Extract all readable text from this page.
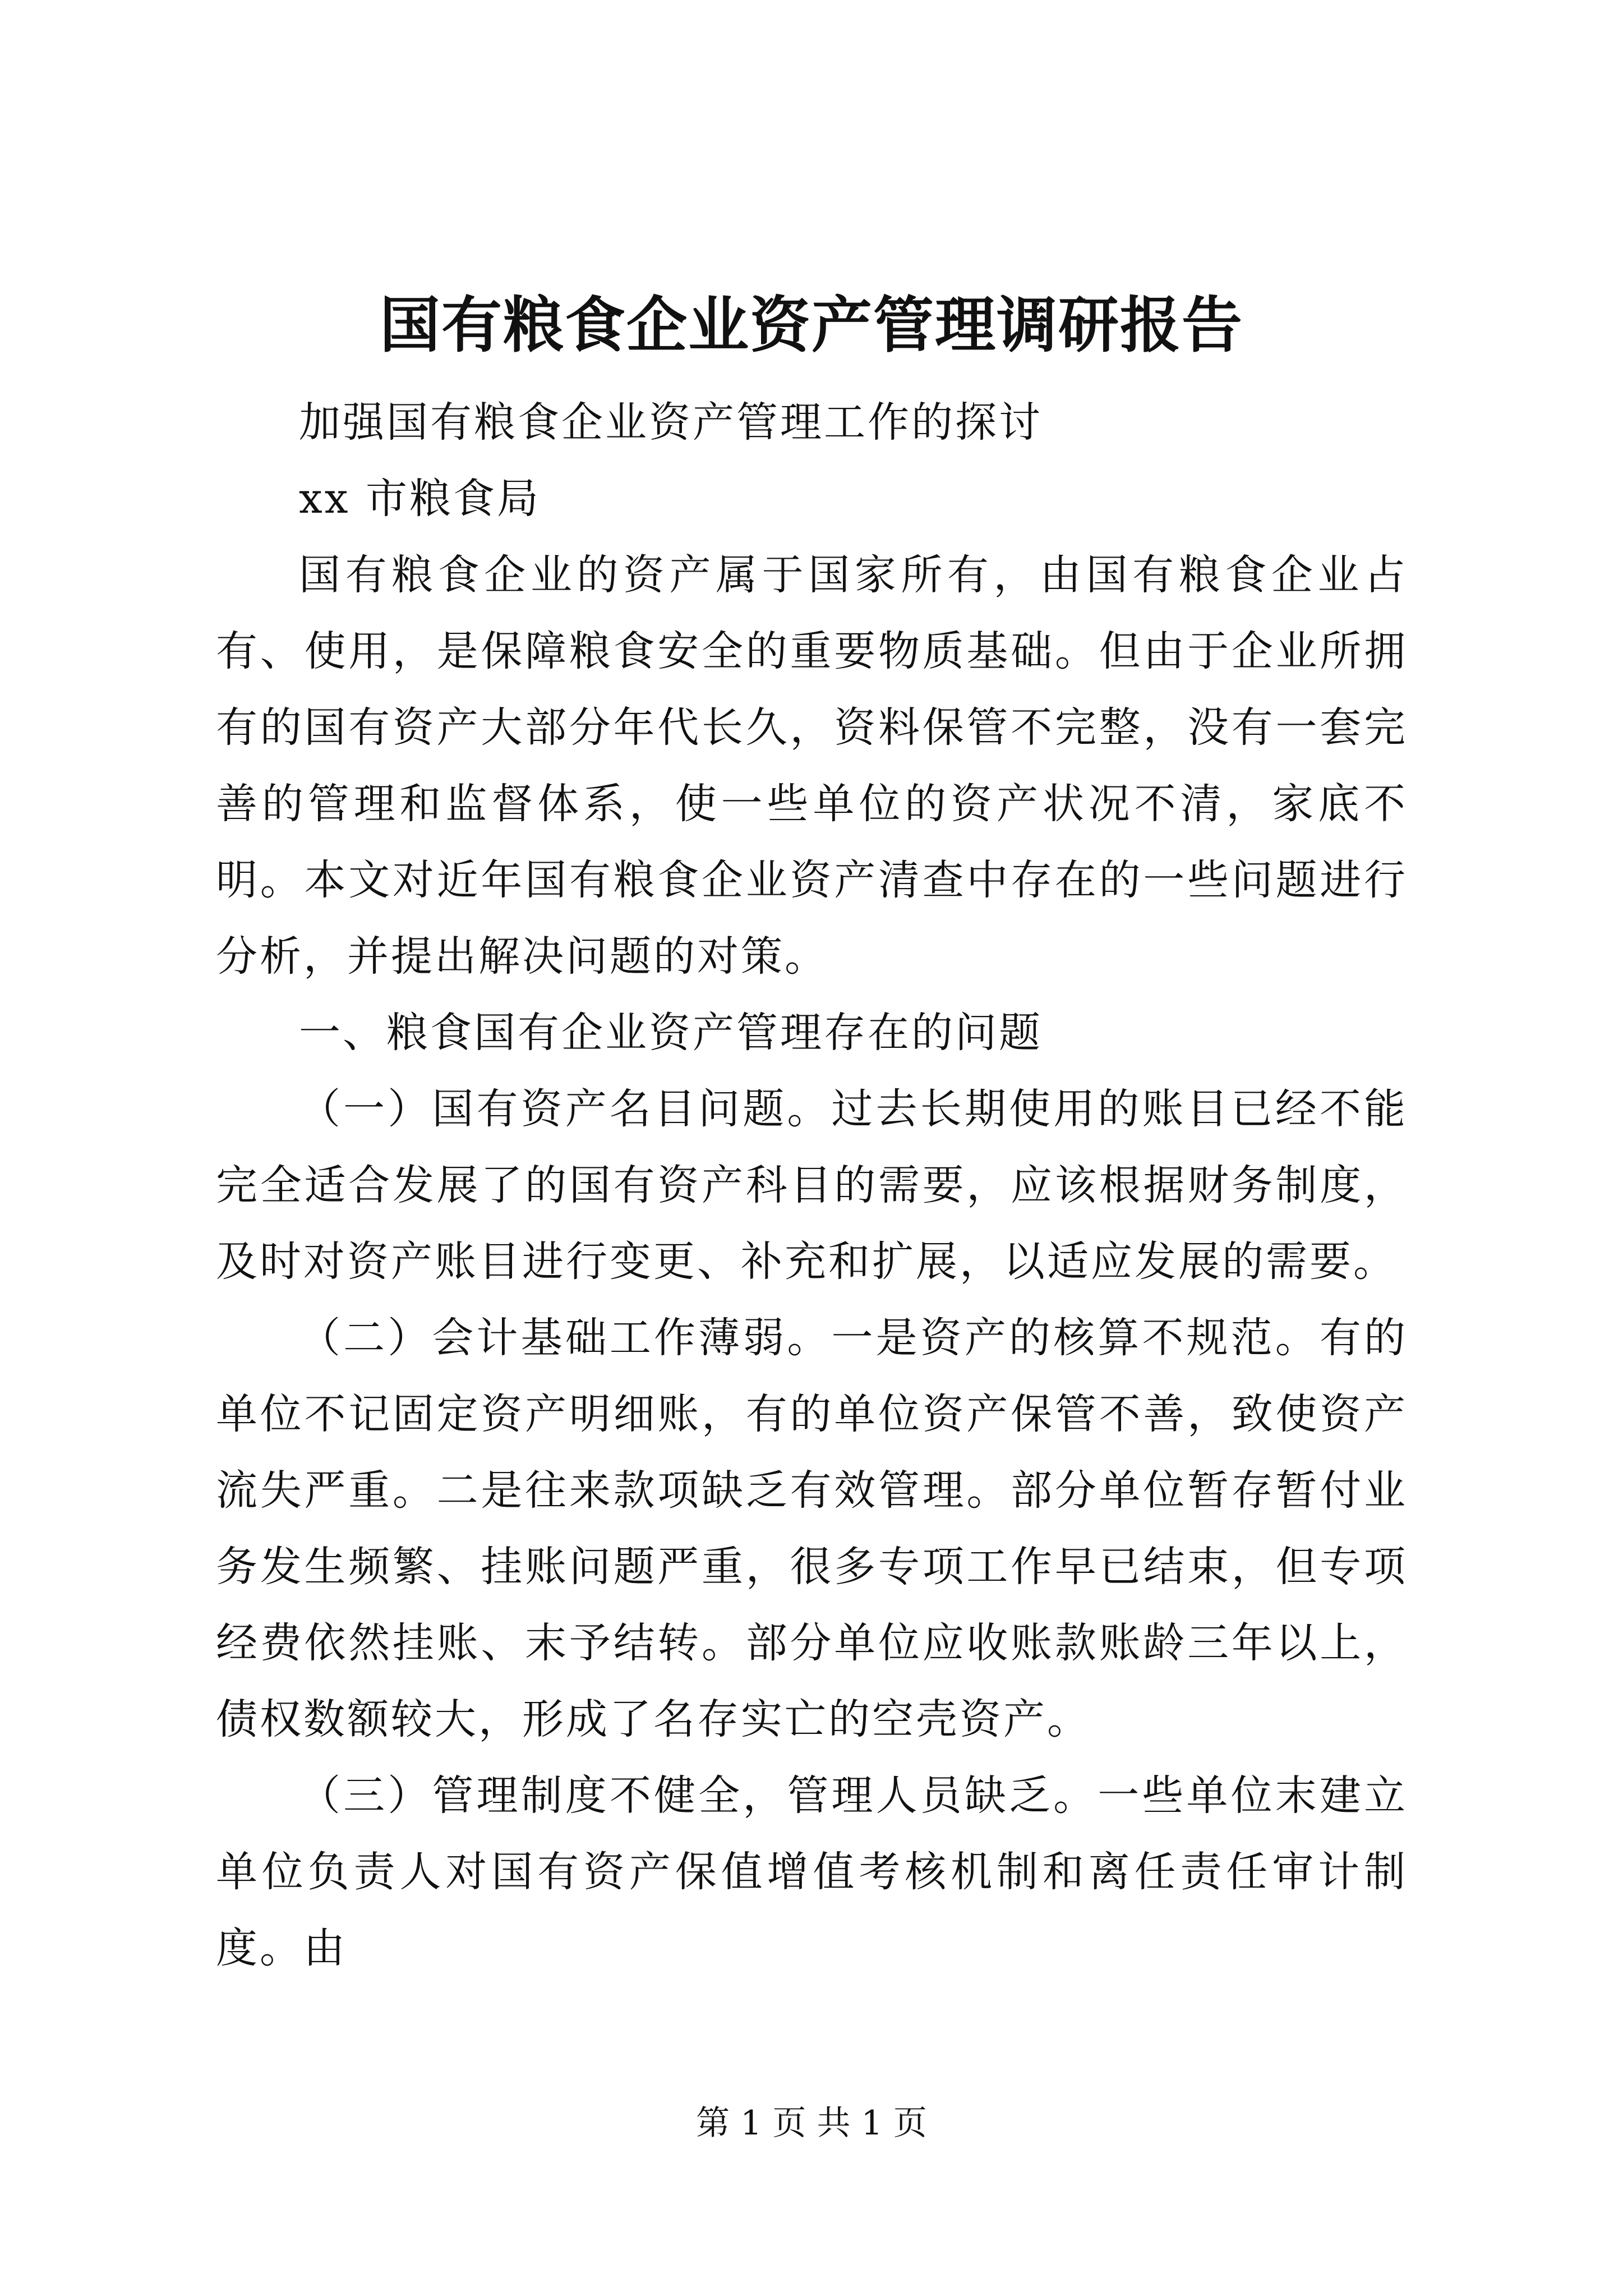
国有粮食企业资产管理调研报告

加强国有粮食企业资产管理工作的探讨

xx 市粮食局

国有粮食企业的资产属于国家所有，由国有粮食企业占有、使用，是保障粮食安全的重要物质基础。但由于企业所拥有的国有资产大部分年代长久，资料保管不完整，没有一套完善的管理和监督体系，使一些单位的资产状况不清，家底不明。本文对近年国有粮食企业资产清查中存在的一些问题进行分析，并提出解决问题的对策。

一、粮食国有企业资产管理存在的问题

（一）国有资产名目问题。过去长期使用的账目已经不能完全适合发展了的国有资产科目的需要，应该根据财务制度，及时对资产账目进行变更、补充和扩展，以适应发展的需要。

（二）会计基础工作薄弱。一是资产的核算不规范。有的单位不记固定资产明细账，有的单位资产保管不善，致使资产流失严重。二是往来款项缺乏有效管理。部分单位暂存暂付业务发生频繁、挂账问题严重，很多专项工作早已结束，但专项经费依然挂账、末予结转。部分单位应收账款账龄三年以上，债权数额较大，形成了名存实亡的空壳资产。

（三）管理制度不健全，管理人员缺乏。一些单位末建立单位负责人对国有资产保值增值考核机制和离任责任审计制度。由

第 1 页 共 1 页
